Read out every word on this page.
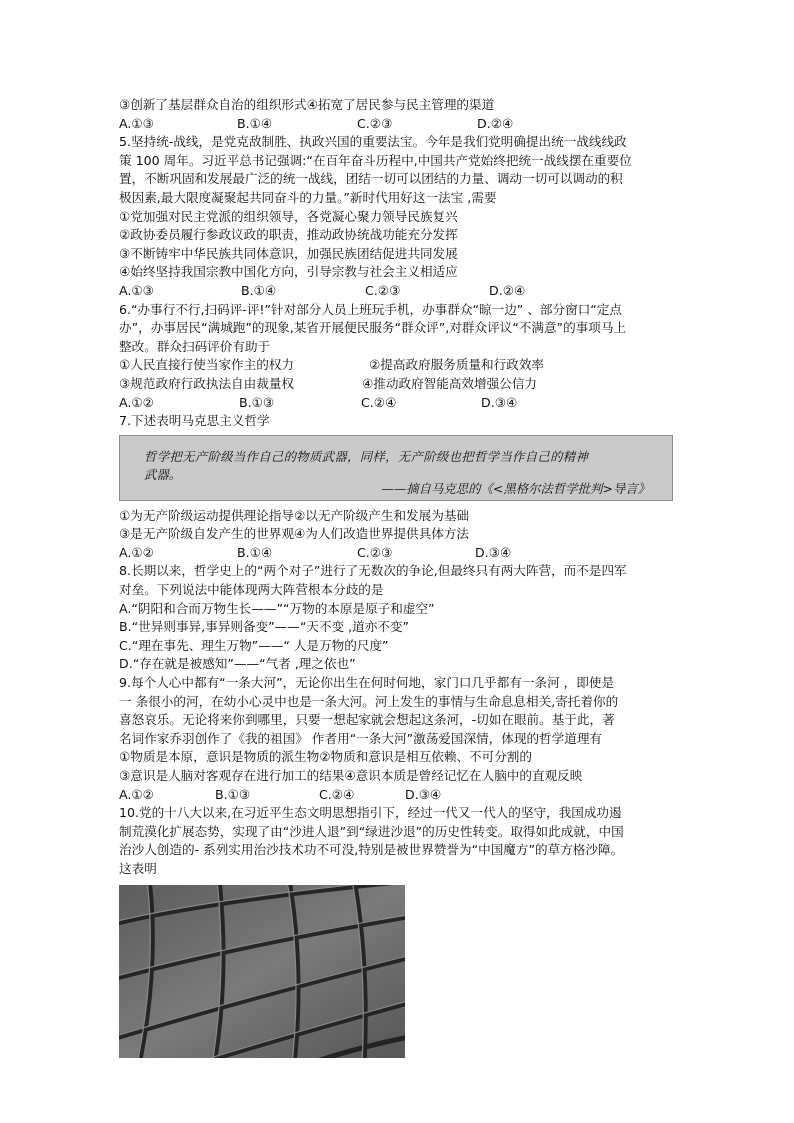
③创新了基层群众自治的组织形式④拓宽了居民参与民主管理的渠道
A.①③	B.①④	C.②③	D.②④
5.坚持统-战线，是党克敌制胜、执政兴国的重要法宝。今年是我们党明确提出统一战线线政
策 100 周年。习近平总书记强调:“在百年奋斗历程中,中国共产党始终把统一战线摆在重要位
置，不断巩固和发展最广泛的统一战线，团结一切可以团结的力量、调动一切可以调动的积
极因素,最大限度凝聚起共同奋斗的力量。”新时代用好这一法宝 ,需要
①党加强对民主党派的组织领导，各党凝心聚力领导民族复兴
②政协委员履行参政议政的职责，推动政协统战功能充分发挥
③不断铸牢中华民族共同体意识，加强民族团结促进共同发展
④始终坚持我国宗教中国化方向，引导宗教与社会主义相适应
A.①③	B.①④	C.②③	D.②④
6.“办事行不行,扫码评-评!”针对部分人员上班玩手机，办事群众“晾一边” 、部分窗口“定点
办”，办事居民“满城跑”的现象,某省开展便民服务“群众评”,对群众评议“不满意”的事项马上
整改。群众扫码评价有助于
①人民直接行使当家作主的权力	②提高政府服务质量和行政效率
③规范政府行政执法自由裁量权	④推动政府智能高效增强公信力
A.①②	B.①③	C.②④	D.③④
7.下述表明马克思主义哲学
哲学把无产阶级当作自己的物质武器，同样，无产阶级也把哲学当作自己的精神
武器。
——摘自马克思的《<黑格尔法哲学批判>导言》
①为无产阶级运动提供理论指导②以无产阶级产生和发展为基础
③是无产阶级自发产生的世界观④为人们改造世界提供具体方法
A.①②	B.①④	C.②③	D.③④
8.长期以来，哲学史上的“两个对子”进行了无数次的争论,但最终只有两大阵营，而不是四军
对垒。下列说法中能体现两大阵营根本分歧的是
A.“阴阳和合而万物生长——”“万物的本原是原子和虚空”
B.“世异则事异,事异则备变”——“天不变 ,道亦不变”
C.“理在事先、理生万物”——“ 人是万物的尺度”
D.“存在就是被感知”——“气者 ,理之依也”
9.每个人心中都有“一条大河”，无论你出生在何时何地，家门口几乎都有一条河 ，即使是
一 条很小的河，在幼小心灵中也是一条大河。河上发生的事情与生命息息相关,寄托着你的
喜怒哀乐。无论将来你到哪里，只要一想起家就会想起这条河，-切如在眼前。基于此，著
名词作家乔羽创作了《我的祖国》 作者用“一条大河”激荡爱国深情，体现的哲学道理有
①物质是本原，意识是物质的派生物②物质和意识是相互依赖、不可分割的
③意识是人脑对客观存在进行加工的结果④意识本质是曾经记忆在人脑中的直观反映
A.①②	B.①③	C.②④	D.③④
10.党的十八大以来,在习近平生态文明思想指引下，经过一代又一代人的坚守，我国成功遏
制荒漠化扩展态势，实现了由“沙进人退”到“绿进沙退”的历史性转变。取得如此成就，中国
治沙人创造的- 系列实用治沙技术功不可没,特别是被世界赞誉为“中国魔方”的草方格沙障。
这表明
